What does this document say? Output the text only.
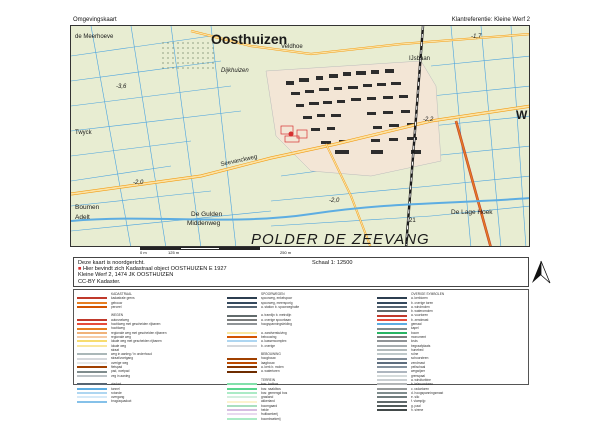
Omgevingskaart	Klantreferentie: Kleine Werf 2
Oosthuizen
POLDER DE ZEEVANG
de Meerhoeve
Veldhoe
Dijkhuizen
IJsbaan
Twyck
Seevanckweg
Boumen
Adelt	De Gulden
Middenweg
De Lage Hoek
W
-3,6
-2,0
-2,0
-1,7
-2,2
21
0 m	125 m	250 m
Deze kaart is noordgericht.
■ Hier bevindt zich Kadastraal object OOSTHUIZEN E 1927
Kleine Werf 2, 1474 JK OOSTHUIZEN
CC-BY Kadaster.
Schaal 1: 12500
KADASTRAAL
kadastrale grens
gebouw
perceel
WEGEN
autosnelweg
hoofdweg met gescheiden rijbanen
hoofdweg
regionale weg met gescheiden rijbanen
regionale weg
lokale weg met gescheiden rijbanen
lokale weg
straat
weg in aanleg / in onderhoud
straat/voetgang
overige weg
fietspad
pad, voetpad
veg in aanleg
viaduct
tunnel
rotonde
overgang
brug/aquaduct
SPOORWEGEN
spoorweg, enkelspoor
spoorweg, meersporig
a. station b. spoorweghalte
a. tramlijn b. metrolijn
a. overige spoorbaan
hoogspanningsleiding
a. zandverstuiving
bebouwing
a. kassencomplex
b. overige
BEBOUWING
hoogbouw
laagbouw
a. kerk b. molen
a. watertoren
TERREIN
bos: loofbos
bos: naaldbos
bos: gemengd bos
grasland
akkerland
boomgaard
heide
fruitkwekerij
boomkwekerij
OVERIGE SYMBOLEN
a. kerktoren
b. overige toren
a. windmolen
b. wateromolen
a. vuurtoren
b. zendmast
gemaal
kapel
boom
monument
kruis
begraafplaats
hunebed
ruïne
schoorsteen
zendmast
peilschaal
wegwijzer
grenspaal
a. windturbine
b. telecomtoren
c. radartoren
d. hoogspanningsmast
e. silo
f. vlampijp
g. paal
h. sirene
